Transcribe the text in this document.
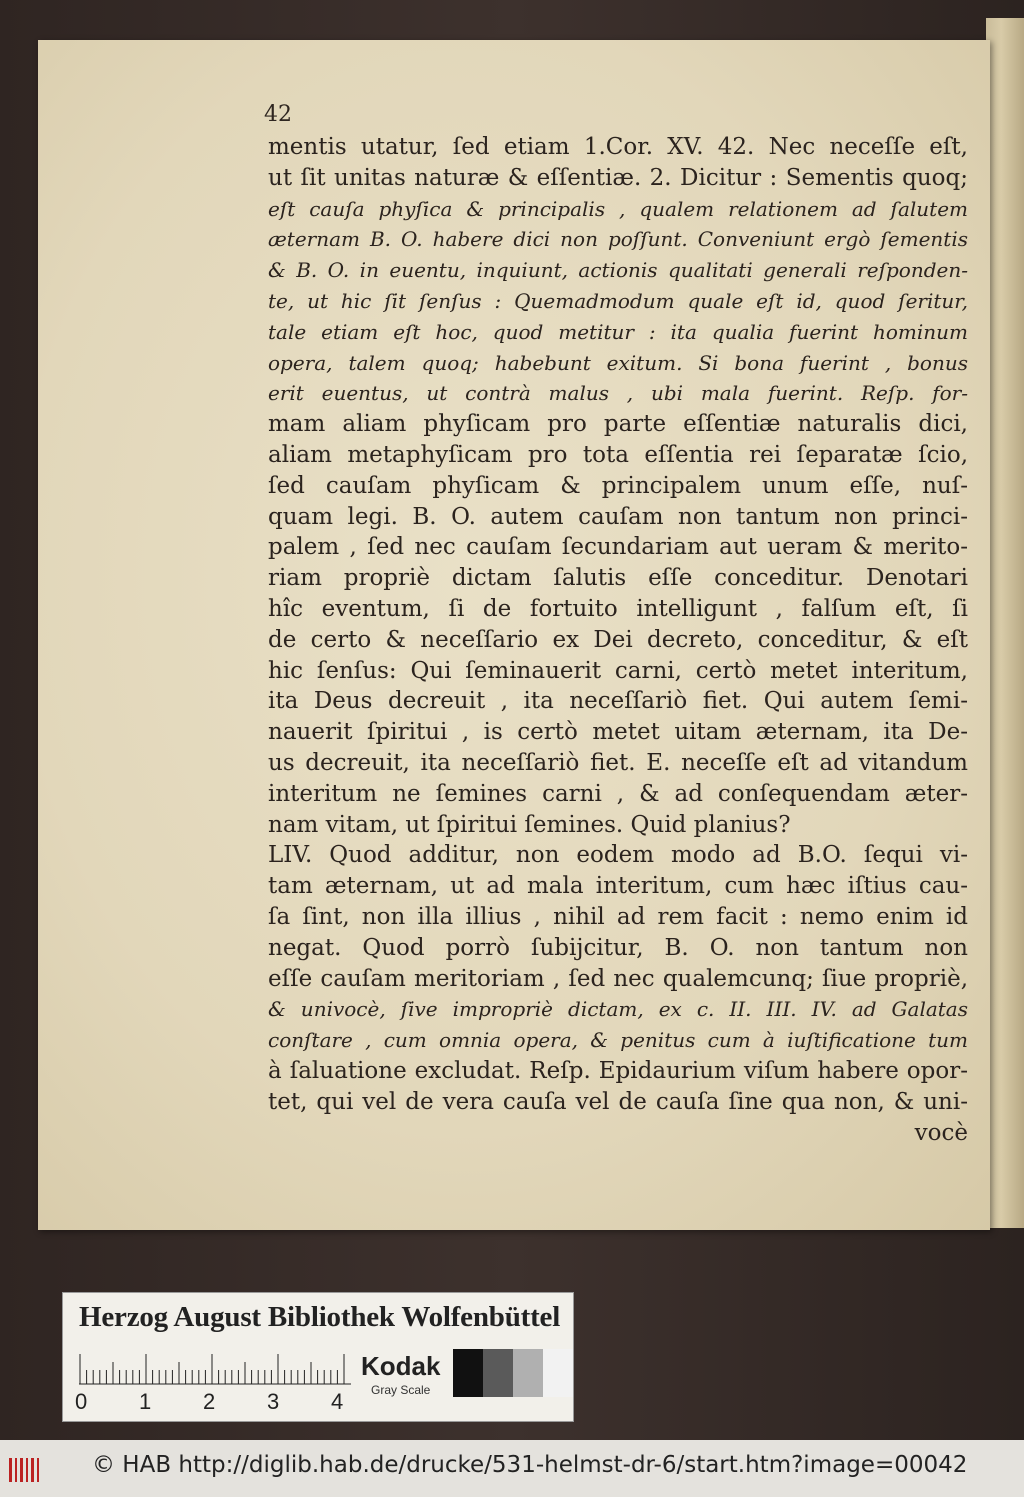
42
mentis utatur, ſed etiam 1.Cor. XV. 42. Nec neceſſe eſt,
ut ſit unitas naturæ & eſſentiæ. 2. Dicitur : Sementis quoq;
eſt cauſa phyſica & principalis , qualem relationem ad ſalutem
æternam B. O. habere dici non poſſunt. Conveniunt ergò ſementis
& B. O. in euentu, inquiunt, actionis qualitati generali reſponden-
te, ut hic ſit ſenſus : Quemadmodum quale eſt id, quod ſeritur,
tale etiam eſt hoc, quod metitur : ita qualia fuerint hominum
opera, talem quoq; habebunt exitum. Si bona fuerint , bonus
erit euentus, ut contrà malus , ubi mala fuerint. Reſp. for-
mam aliam phyſicam pro parte eſſentiæ naturalis dici,
aliam metaphyſicam pro tota eſſentia rei ſeparatæ ſcio,
ſed cauſam phyſicam & principalem unum eſſe, nuſ-
quam legi. B. O. autem cauſam non tantum non princi-
palem , ſed nec cauſam ſecundariam aut ueram & merito-
riam propriè dictam ſalutis eſſe conceditur. Denotari
hîc eventum, ſi de fortuito intelligunt , falſum eſt, ſi
de certo & neceſſario ex Dei decreto, conceditur, & eſt
hic ſenſus: Qui ſeminauerit carni, certò metet interitum,
ita Deus decreuit , ita neceſſariò fiet. Qui autem ſemi-
nauerit ſpiritui , is certò metet uitam æternam, ita De-
us decreuit, ita neceſſariò fiet. E. neceſſe eſt ad vitandum
interitum ne ſemines carni , & ad conſequendam æter-
nam vitam, ut ſpiritui ſemines. Quid planius?
LIV. Quod additur, non eodem modo ad B.O. ſequi vi-
tam æternam, ut ad mala interitum, cum hæc iſtius cau-
ſa ſint, non illa illius , nihil ad rem facit : nemo enim id
negat. Quod porrò ſubijcitur, B. O. non tantum non
eſſe cauſam meritoriam , ſed nec qualemcunq; ſiue propriè,
& univocè, ſive impropriè dictam, ex c. II. III. IV. ad Galatas
conſtare , cum omnia opera, & penitus cum à iuſtificatione tum
à ſaluatione excludat. Reſp. Epidaurium viſum habere opor-
tet, qui vel de vera cauſa vel de cauſa ſine qua non, & uni-
vocè
Herzog August Bibliothek Wolfenbüttel
0 1 2 3 4
Kodak
Gray Scale
© HAB http://diglib.hab.de/drucke/531-helmst-dr-6/start.htm?image=00042
